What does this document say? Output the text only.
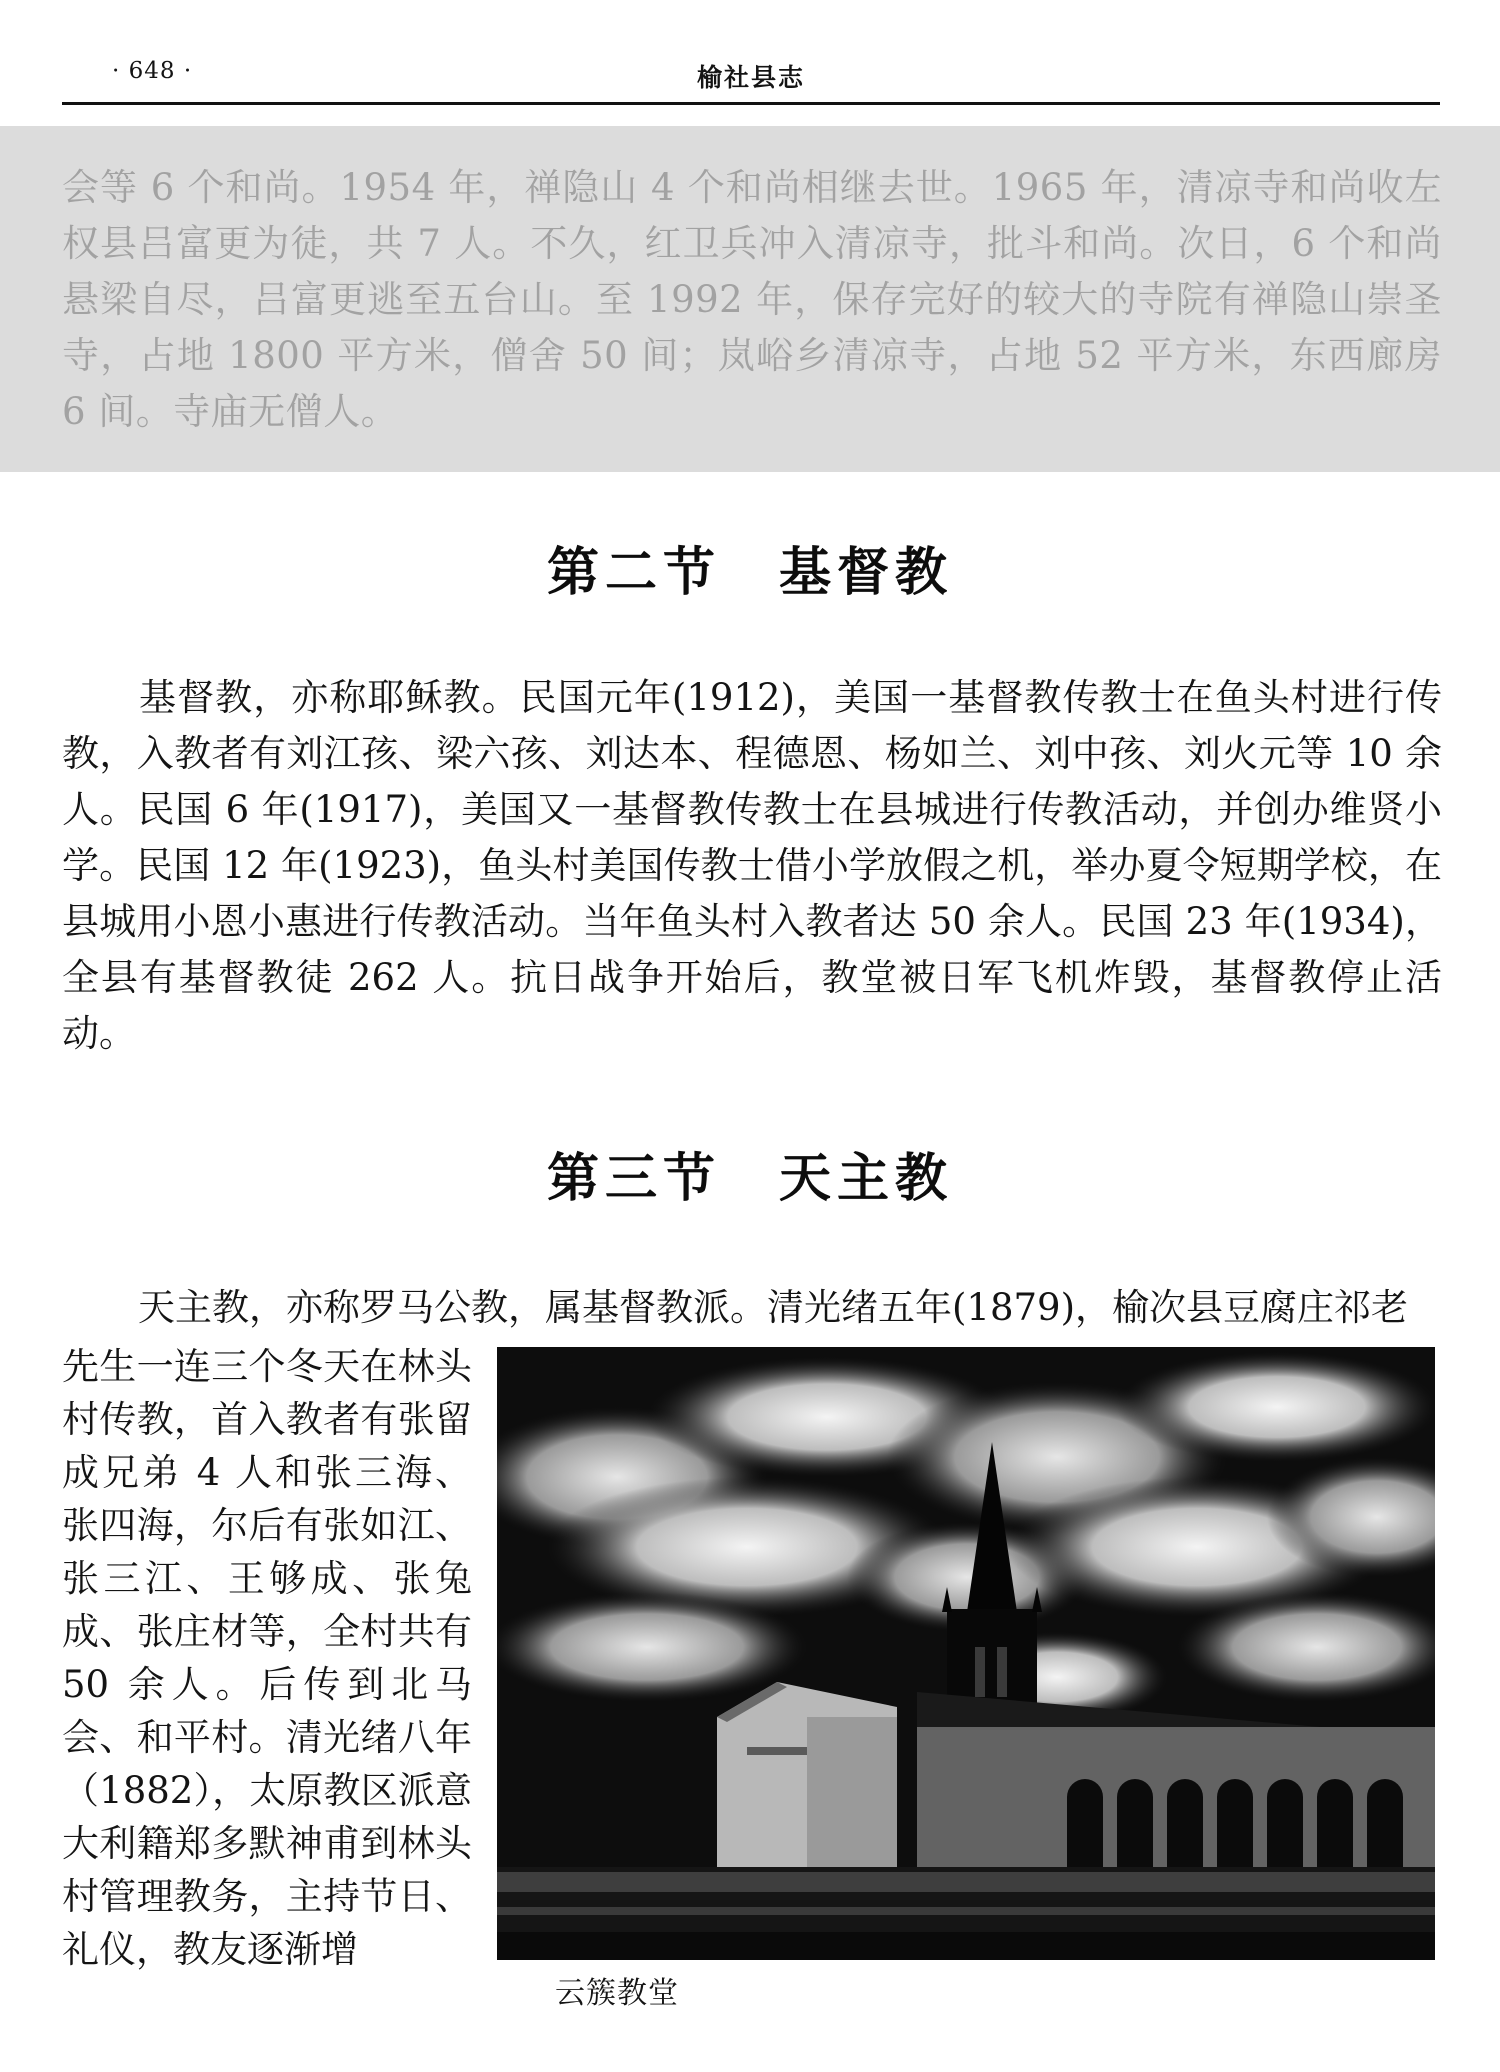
· 648 ·	榆社县志
会等 6 个和尚。1954 年，禅隐山 4 个和尚相继去世。1965 年，清凉寺和尚收左权县吕富更为徒，共 7 人。不久，红卫兵冲入清凉寺，批斗和尚。次日，6 个和尚悬梁自尽，吕富更逃至五台山。至 1992 年，保存完好的较大的寺院有禅隐山崇圣寺，占地 1800 平方米，僧舍 50 间；岚峪乡清凉寺，占地 52 平方米，东西廊房 6 间。寺庙无僧人。
第二节　基督教
基督教，亦称耶稣教。民国元年(1912)，美国一基督教传教士在鱼头村进行传教，入教者有刘江孩、梁六孩、刘达本、程德恩、杨如兰、刘中孩、刘火元等 10 余人。民国 6 年(1917)，美国又一基督教传教士在县城进行传教活动，并创办维贤小学。民国 12 年(1923)，鱼头村美国传教士借小学放假之机，举办夏令短期学校，在县城用小恩小惠进行传教活动。当年鱼头村入教者达 50 余人。民国 23 年(1934)，全县有基督教徒 262 人。抗日战争开始后，教堂被日军飞机炸毁，基督教停止活动。
第三节　天主教
天主教，亦称罗马公教，属基督教派。清光绪五年(1879)，榆次县豆腐庄祁老
先生一连三个冬天在林头村传教，首入教者有张留成兄弟 4 人和张三海、张四海，尔后有张如江、张三江、王够成、张兔成、张庄材等，全村共有 50 余人。后传到北马会、和平村。清光绪八年（1882），太原教区派意大利籍郑多默神甫到林头村管理教务，主持节日、礼仪，教友逐渐增
云簇教堂
